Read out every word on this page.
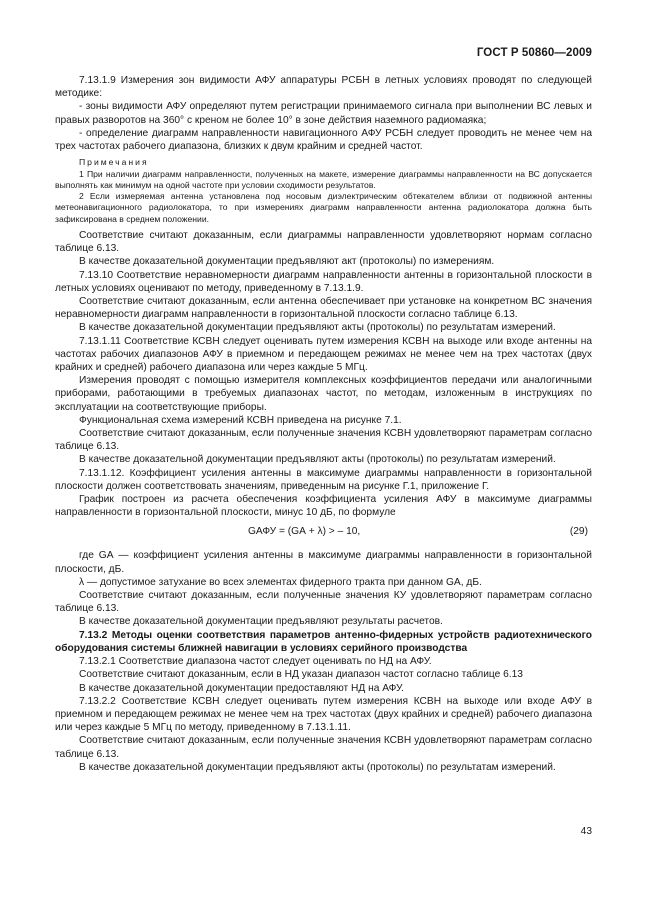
ГОСТ Р 50860—2009

7.13.1.9 Измерения зон видимости АФУ аппаратуры РСБН в летных условиях проводят по следующей методике:

- зоны видимости АФУ определяют путем регистрации принимаемого сигнала при выполнении ВС левых и правых разворотов на 360° с креном не более 10° в зоне действия наземного радиомаяка;

- определение диаграмм направленности навигационного АФУ РСБН следует проводить не менее чем на трех частотах рабочего диапазона, близких к двум крайним и средней частот.

Примечания

1 При наличии диаграмм направленности, полученных на макете, измерение диаграммы направленности на ВС допускается выполнять как минимум на одной частоте при условии сходимости результатов.

2 Если измеряемая антенна установлена под носовым диэлектрическим обтекателем вблизи от подвижной антенны метеонавигационного радиолокатора, то при измерениях диаграмм направленности антенна радиолокатора должна быть зафиксирована в среднем положении.

Соответствие считают доказанным, если диаграммы направленности удовлетворяют нормам согласно таблице 6.13.

В качестве доказательной документации предъявляют акт (протоколы) по измерениям.

7.13.10 Соответствие неравномерности диаграмм направленности антенны в горизонтальной плоскости в летных условиях оценивают по методу, приведенному в 7.13.1.9.

Соответствие считают доказанным, если антенна обеспечивает при установке на конкретном ВС значения неравномерности диаграмм направленности в горизонтальной плоскости согласно таблице 6.13.

В качестве доказательной документации предъявляют акты (протоколы) по результатам измерений.

7.13.1.11 Соответствие КСВН следует оценивать путем измерения КСВН на выходе или входе антенны на частотах рабочих диапазонов АФУ в приемном и передающем режимах не менее чем на трех частотах (двух крайних и средней) рабочего диапазона или через каждые 5 МГц.

Измерения проводят с помощью измерителя комплексных коэффициентов передачи или аналогичными приборами, работающими в требуемых диапазонах частот, по методам, изложенным в инструкциях по эксплуатации на соответствующие приборы.

Функциональная схема измерений КСВН приведена на рисунке 7.1.

Соответствие считают доказанным, если полученные значения КСВН удовлетворяют параметрам согласно таблице 6.13.

В качестве доказательной документации предъявляют акты (протоколы) по результатам измерений.

7.13.1.12. Коэффициент усиления антенны в максимуме диаграммы направленности в горизонтальной плоскости должен соответствовать значениям, приведенным на рисунке Г.1, приложение Г.

График построен из расчета обеспечения коэффициента усиления АФУ в максимуме диаграммы направленности в горизонтальной плоскости, минус 10 дБ, по формуле

GАФУ = (GА + λ) > – 10,	(29)

где GА — коэффициент усиления антенны в максимуме диаграммы направленности в горизонтальной плоскости, дБ.

λ — допустимое затухание во всех элементах фидерного тракта при данном GА, дБ.

Соответствие считают доказанным, если полученные значения КУ удовлетворяют параметрам согласно таблице 6.13.

В качестве доказательной документации предъявляют результаты расчетов.

7.13.2 Методы оценки соответствия параметров антенно-фидерных устройств радиотехнического оборудования системы ближней навигации в условиях серийного производства

7.13.2.1 Соответствие диапазона частот следует оценивать по НД на АФУ.

Соответствие считают доказанным, если в НД указан диапазон частот согласно таблице 6.13

В качестве доказательной документации предоставляют НД на АФУ.

7.13.2.2 Соответствие КСВН следует оценивать путем измерения КСВН на выходе или входе АФУ в приемном и передающем режимах не менее чем на трех частотах (двух крайних и средней) рабочего диапазона или через каждые 5 МГц по методу, приведенному в 7.13.1.11.

Соответствие считают доказанным, если полученные значения КСВН удовлетворяют параметрам согласно таблице 6.13.

В качестве доказательной документации предъявляют акты (протоколы) по результатам измерений.

43
